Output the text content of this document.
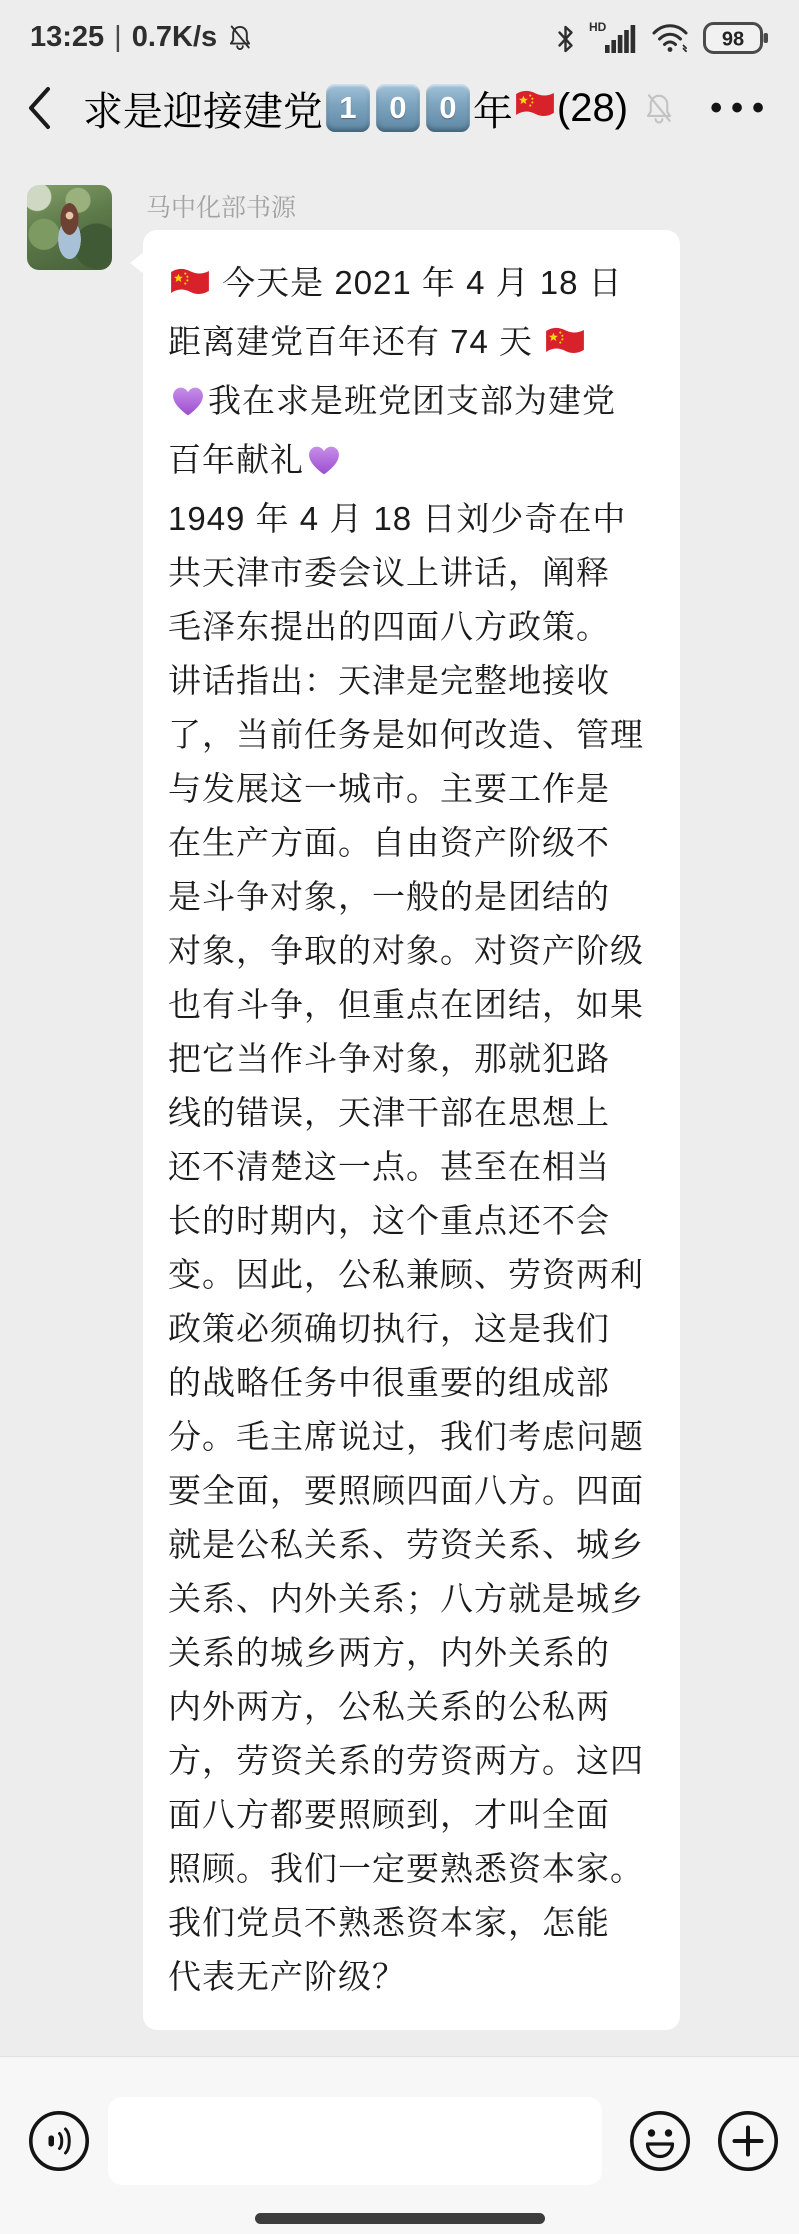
13:25 | 0.7K/s	HD
98
求是迎接建党 1	0	0 年 (28)	•••
马中化部书源
今天是 2021 年 4 月 18 日
距离建党百年还有 74 天
我在求是班党团支部为建党
百年献礼
1949 年 4 月 18 日刘少奇在中
共天津市委会议上讲话，阐释
毛泽东提出的四面八方政策。
讲话指出：天津是完整地接收
了，当前任务是如何改造、管理
与发展这一城市。主要工作是
在生产方面。自由资产阶级不
是斗争对象，一般的是团结的
对象，争取的对象。对资产阶级
也有斗争，但重点在团结，如果
把它当作斗争对象，那就犯路
线的错误，天津干部在思想上
还不清楚这一点。甚至在相当
长的时期内，这个重点还不会
变。因此，公私兼顾、劳资两利
政策必须确切执行，这是我们
的战略任务中很重要的组成部
分。毛主席说过，我们考虑问题
要全面，要照顾四面八方。四面
就是公私关系、劳资关系、城乡
关系、内外关系；八方就是城乡
关系的城乡两方，内外关系的
内外两方，公私关系的公私两
方，劳资关系的劳资两方。这四
面八方都要照顾到，才叫全面
照顾。我们一定要熟悉资本家。
我们党员不熟悉资本家，怎能
代表无产阶级？
